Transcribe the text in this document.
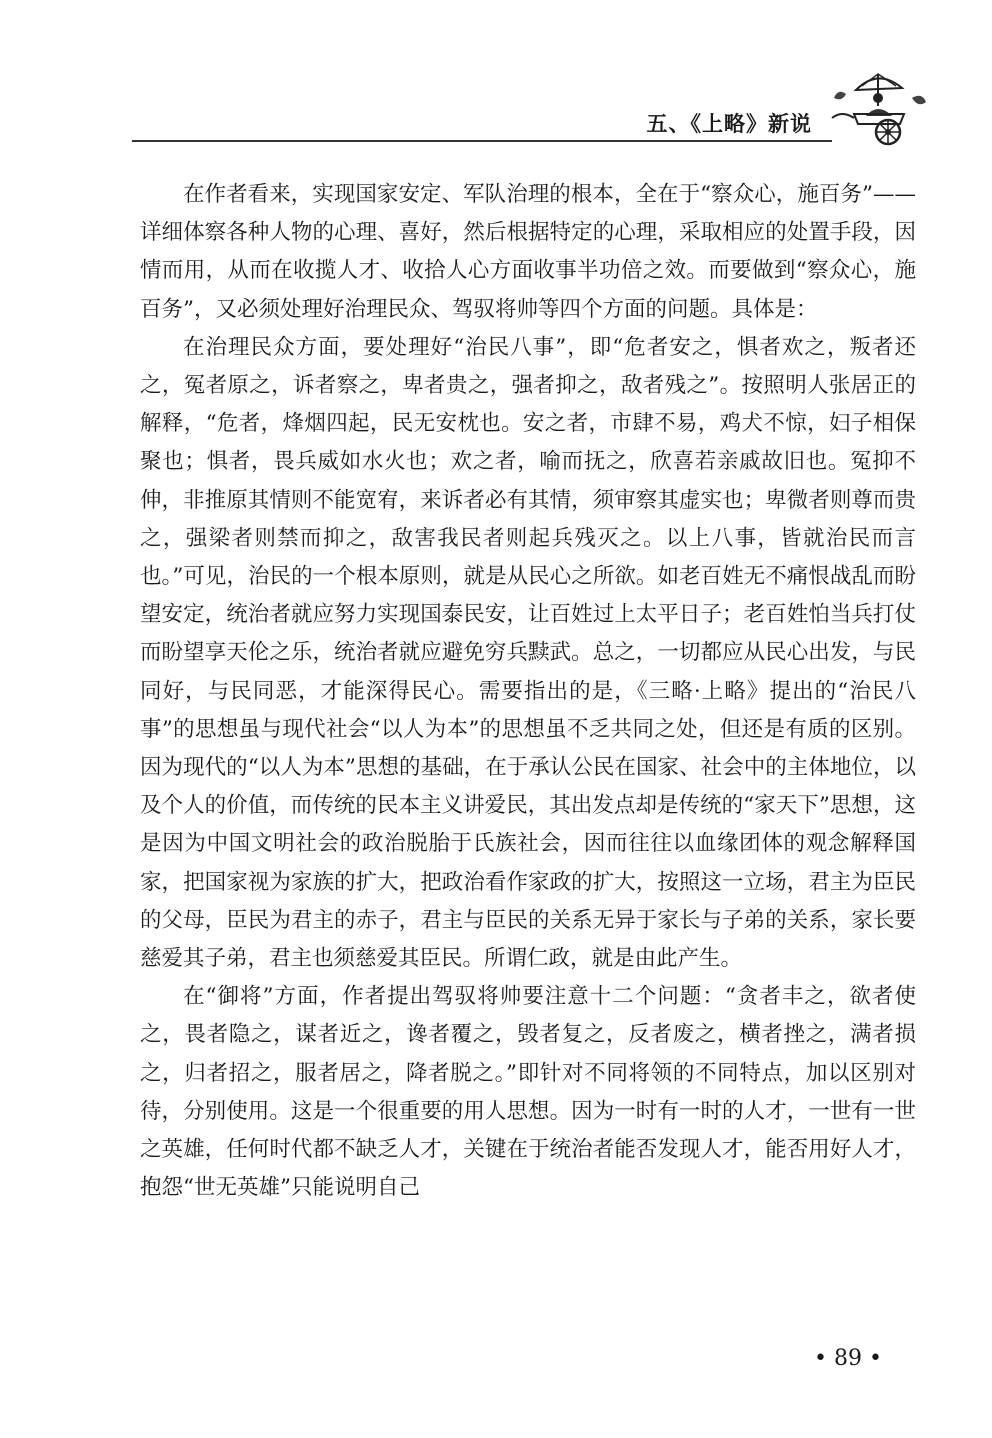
五、《上略》新说

在作者看来，实现国家安定、军队治理的根本，全在于“察众心，施百务”——详细体察各种人物的心理、喜好，然后根据特定的心理，采取相应的处置手段，因情而用，从而在收揽人才、收拾人心方面收事半功倍之效。而要做到“察众心，施百务”，又必须处理好治理民众、驾驭将帅等四个方面的问题。具体是：

在治理民众方面，要处理好“治民八事”，即“危者安之，惧者欢之，叛者还之，冤者原之，诉者察之，卑者贵之，强者抑之，敌者残之”。按照明人张居正的解释，“危者，烽烟四起，民无安枕也。安之者，市肆不易，鸡犬不惊，妇子相保聚也；惧者，畏兵威如水火也；欢之者，喻而抚之，欣喜若亲戚故旧也。冤抑不伸，非推原其情则不能宽宥，来诉者必有其情，须审察其虚实也；卑微者则尊而贵之，强梁者则禁而抑之，敌害我民者则起兵残灭之。以上八事，皆就治民而言也。”可见，治民的一个根本原则，就是从民心之所欲。如老百姓无不痛恨战乱而盼望安定，统治者就应努力实现国泰民安，让百姓过上太平日子；老百姓怕当兵打仗而盼望享天伦之乐，统治者就应避免穷兵黩武。总之，一切都应从民心出发，与民同好，与民同恶，才能深得民心。需要指出的是，《三略·上略》提出的“治民八事”的思想虽与现代社会“以人为本”的思想虽不乏共同之处，但还是有质的区别。因为现代的“以人为本”思想的基础，在于承认公民在国家、社会中的主体地位，以及个人的价值，而传统的民本主义讲爱民，其出发点却是传统的“家天下”思想，这是因为中国文明社会的政治脱胎于氏族社会，因而往往以血缘团体的观念解释国家，把国家视为家族的扩大，把政治看作家政的扩大，按照这一立场，君主为臣民的父母，臣民为君主的赤子，君主与臣民的关系无异于家长与子弟的关系，家长要慈爱其子弟，君主也须慈爱其臣民。所谓仁政，就是由此产生。

在“御将”方面，作者提出驾驭将帅要注意十二个问题：“贪者丰之，欲者使之，畏者隐之，谋者近之，谗者覆之，毁者复之，反者废之，横者挫之，满者损之，归者招之，服者居之，降者脱之。”即针对不同将领的不同特点，加以区别对待，分别使用。这是一个很重要的用人思想。因为一时有一时的人才，一世有一世之英雄，任何时代都不缺乏人才，关键在于统治者能否发现人才，能否用好人才，抱怨“世无英雄”只能说明自己

• 89 •
